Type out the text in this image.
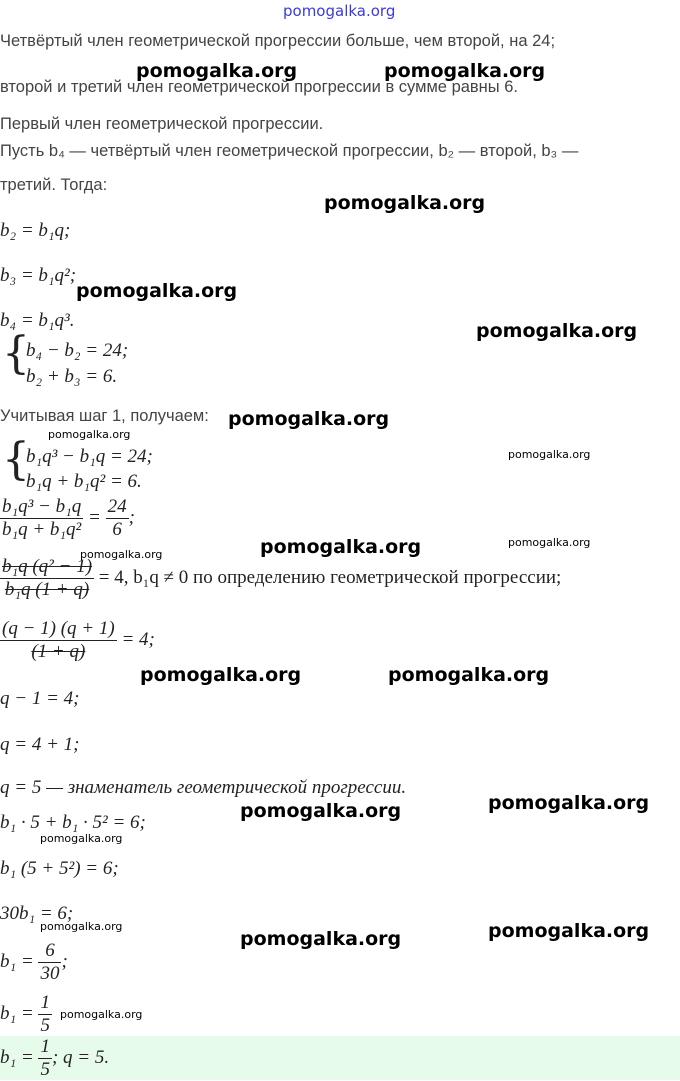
pomogalka.org
Четвёртый член геометрической прогрессии больше, чем второй, на 24;
второй и третий член геометрической прогрессии в сумме равны 6.
Первый член геометрической прогрессии.
Пусть b₄ — четвёртый член геометрической прогрессии, b₂ — второй, b₃ —
третий. Тогда:
b₂ = b₁q;
b₃ = b₁q²;
b₄ = b₁q³.
{
b₄ − b₂ = 24;
b₂ + b₃ = 6.
Учитывая шаг 1, получаем:
{
b₁q³ − b₁q = 24;
b₁q + b₁q² = 6.
$\frac{\text{b₁q³ − b₁q}}{\text{b₁q + b₁q²}} = \frac{24}{6}$ ;
$\frac{\text{b₁q (q² − 1)}}{\text{b₁q (1 + q)}} = 4$, b₁q ≠ 0 по определению геометрической прогрессии;
$\frac{(q - 1) (q + 1)}{(1 + q)} = 4$;
q − 1 = 4;
q = 4 + 1;
q = 5 — знаменатель геометрической прогрессии.
b₁ · 5 + b₁ · 5² = 6;
b₁ (5 + 5²) = 6;
30b₁ = 6;
$b_1 = \frac{6}{30}$ ;
$b_1 = \frac{1}{5}$
$b_1 = \frac{1}{5}$ ; q = 5.
pomogalka.org	pomogalka.org
pomogalka.org
pomogalka.org
pomogalka.org
pomogalka.org
pomogalka.org
pomogalka.org
pomogalka.org
pomogalka.org
pomogalka.org
pomogalka.org	pomogalka.org
pomogalka.org
pomogalka.org
pomogalka.org
pomogalka.org	pomogalka.org
pomogalka.org
pomogalka.org
